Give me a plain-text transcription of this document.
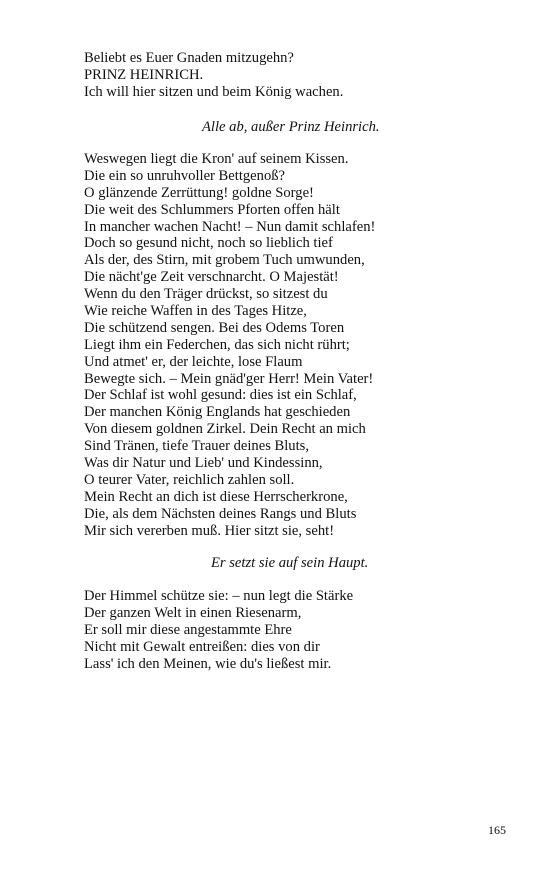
Beliebt es Euer Gnaden mitzugehn?
PRINZ HEINRICH.
Ich will hier sitzen und beim König wachen.
Alle ab, außer Prinz Heinrich.
Weswegen liegt die Kron' auf seinem Kissen.
Die ein so unruhvoller Bettgenoß?
O glänzende Zerrüttung! goldne Sorge!
Die weit des Schlummers Pforten offen hält
In mancher wachen Nacht! – Nun damit schlafen!
Doch so gesund nicht, noch so lieblich tief
Als der, des Stirn, mit grobem Tuch umwunden,
Die nächt'ge Zeit verschnarcht. O Majestät!
Wenn du den Träger drückst, so sitzest du
Wie reiche Waffen in des Tages Hitze,
Die schützend sengen. Bei des Odems Toren
Liegt ihm ein Federchen, das sich nicht rührt;
Und atmet' er, der leichte, lose Flaum
Bewegte sich. – Mein gnäd'ger Herr! Mein Vater!
Der Schlaf ist wohl gesund: dies ist ein Schlaf,
Der manchen König Englands hat geschieden
Von diesem goldnen Zirkel. Dein Recht an mich
Sind Tränen, tiefe Trauer deines Bluts,
Was dir Natur und Lieb' und Kindessinn,
O teurer Vater, reichlich zahlen soll.
Mein Recht an dich ist diese Herrscherkrone,
Die, als dem Nächsten deines Rangs und Bluts
Mir sich vererben muß. Hier sitzt sie, seht!
Er setzt sie auf sein Haupt.
Der Himmel schütze sie: – nun legt die Stärke
Der ganzen Welt in einen Riesenarm,
Er soll mir diese angestammte Ehre
Nicht mit Gewalt entreißen: dies von dir
Lass' ich den Meinen, wie du's ließest mir.
165
